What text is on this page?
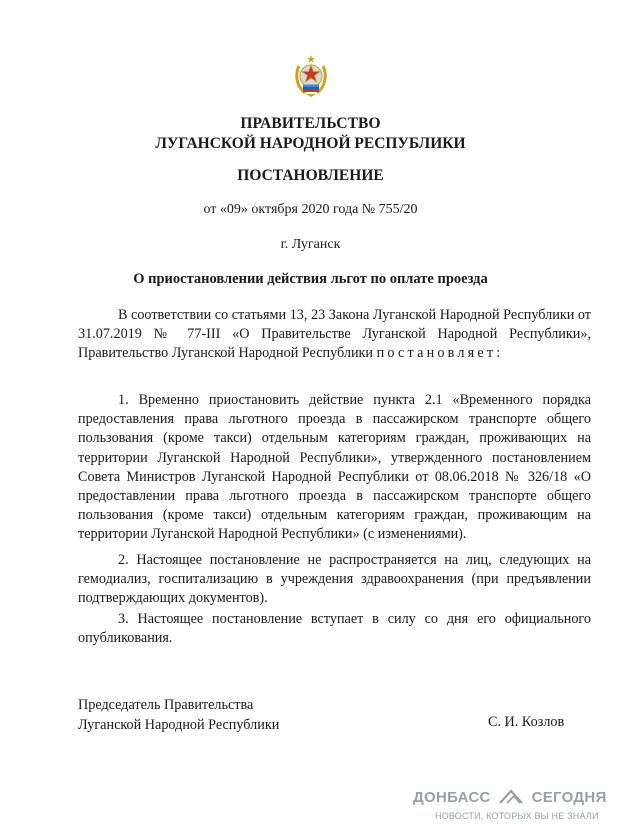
ПРАВИТЕЛЬСТВО
ЛУГАНСКОЙ НАРОДНОЙ РЕСПУБЛИКИ
ПОСТАНОВЛЕНИЕ
от «09» октября 2020 года № 755/20
г. Луганск
О приостановлении действия льгот по оплате проезда

В соответствии со статьями 13, 23 Закона Луганской Народной Республики от 31.07.2019 № 77-III «О Правительстве Луганской Народной Республики», Правительство Луганской Народной Республики постановляет:

1. Временно приостановить действие пункта 2.1 «Временного порядка предоставления права льготного проезда в пассажирском транспорте общего пользования (кроме такси) отдельным категориям граждан, проживающих на территории Луганской Народной Республики», утвержденного постановлением Совета Министров Луганской Народной Республики от 08.06.2018 № 326/18 «О предоставлении права льготного проезда в пассажирском транспорте общего пользования (кроме такси) отдельным категориям граждан, проживающим на территории Луганской Народной Республики» (с изменениями).

2. Настоящее постановление не распространяется на лиц, следующих на гемодиализ, госпитализацию в учреждения здравоохранения (при предъявлении подтверждающих документов).

3. Настоящее постановление вступает в силу со дня его официального опубликования.

Председатель Правительства
Луганской Народной Республики	С. И. Козлов
ДОНБАСС	СЕГОДНЯ
НОВОСТИ, КОТОРЫХ ВЫ НЕ ЗНАЛИ
